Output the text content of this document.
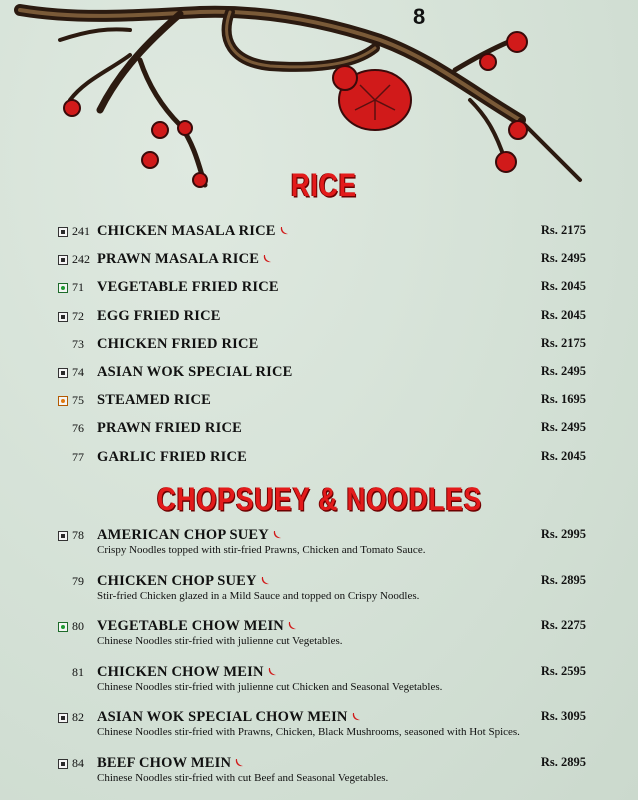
8
RICE
241 CHICKEN MASALA RICE	Rs. 2175
242 PRAWN MASALA RICE	Rs. 2495
71 VEGETABLE FRIED RICE	Rs. 2045
72 EGG FRIED RICE	Rs. 2045
73 CHICKEN FRIED RICE	Rs. 2175
74 ASIAN WOK SPECIAL RICE	Rs. 2495
75 STEAMED RICE	Rs. 1695
76 PRAWN FRIED RICE	Rs. 2495
77 GARLIC FRIED RICE	Rs. 2045
CHOPSUEY & NOODLES
78 AMERICAN CHOP SUEY
Crispy Noodles topped with stir-fried Prawns, Chicken and Tomato Sauce.
Rs. 2995
79 CHICKEN CHOP SUEY
Stir-fried Chicken glazed in a Mild Sauce and topped on Crispy Noodles.
Rs. 2895
80 VEGETABLE CHOW MEIN
Chinese Noodles stir-fried with julienne cut Vegetables.
Rs. 2275
81 CHICKEN CHOW MEIN
Chinese Noodles stir-fried with julienne cut Chicken and Seasonal Vegetables.
Rs. 2595
82 ASIAN WOK SPECIAL CHOW MEIN
Chinese Noodles stir-fried with Prawns, Chicken, Black Mushrooms, seasoned with Hot Spices.
Rs. 3095
84 BEEF CHOW MEIN
Chinese Noodles stir-fried with cut Beef and Seasonal Vegetables.
Rs. 2895
